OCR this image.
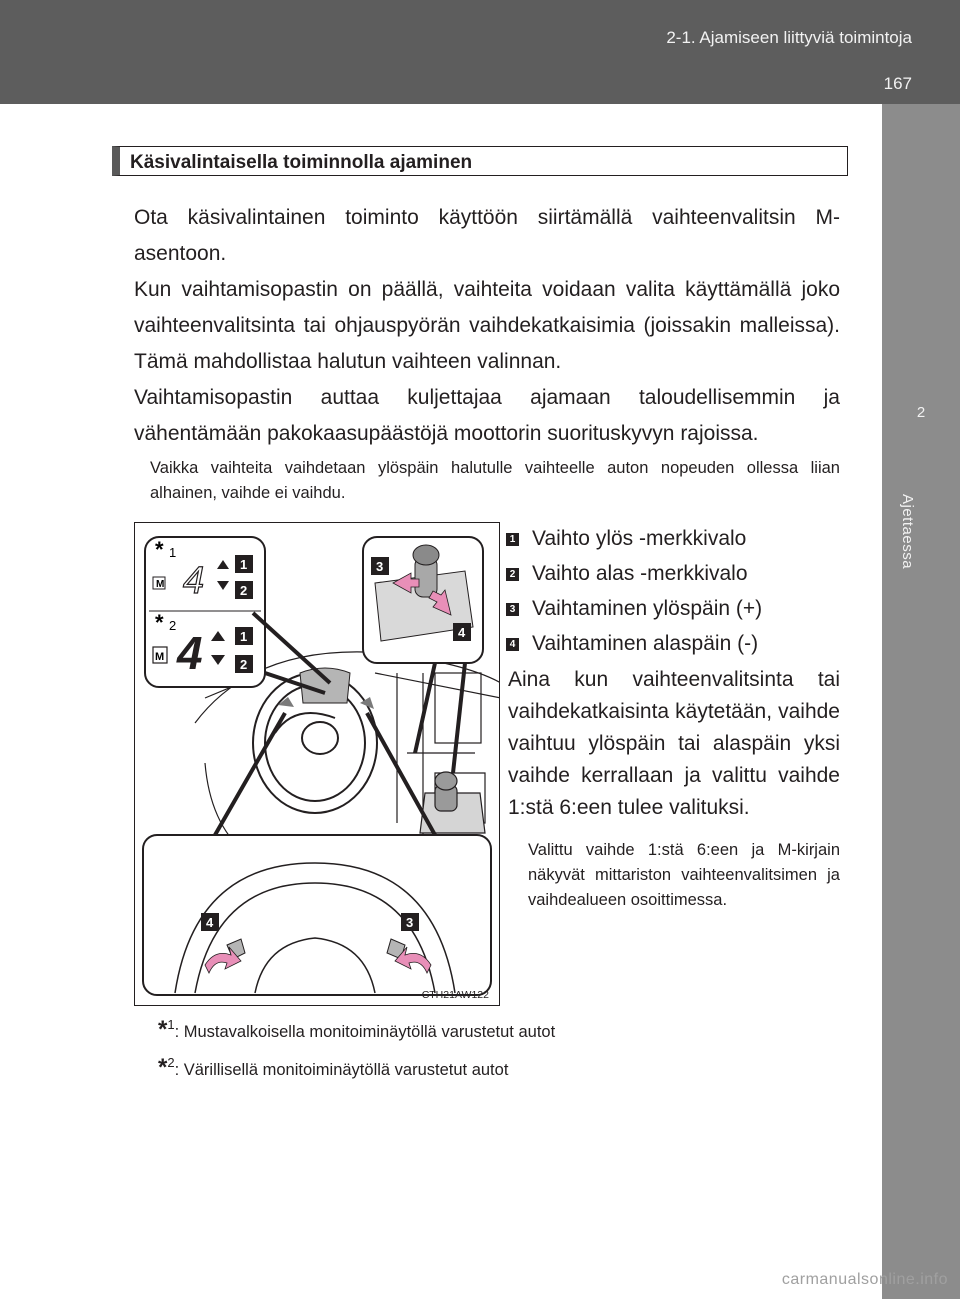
2-1. Ajamiseen liittyviä toimintoja
167
2
Ajettaessa
Käsivalintaisella toiminnolla ajaminen

Ota käsivalintainen toiminto käyttöön siirtämällä vaihteenvalitsin M-asentoon.

Kun vaihtamisopastin on päällä, vaihteita voidaan valita käyttämällä joko vaihteenvalitsinta tai ohjauspyörän vaihdekatkaisimia (joissakin malleissa). Tämä mahdollistaa halutun vaihteen valinnan.

Vaihtamisopastin auttaa kuljettajaa ajamaan taloudellisemmin ja vähentämään pakokaasupäästöjä moottorin suorituskyvyn rajoissa.

Vaikka vaihteita vaihdetaan ylöspäin halutulle vaihteelle auton nopeuden ollessa liian alhainen, vaihde ei vaihdu.

* 1
* 2
M 4	1
2
M 4	1
2
3
4
4	3
CTH21AW122
1 Vaihto ylös -merkkivalo
2 Vaihto alas -merkkivalo
3 Vaihtaminen ylöspäin (+)
4 Vaihtaminen alaspäin (-)

Aina kun vaihteenvalitsinta tai vaihdekatkaisinta käytetään, vaihde vaihtuu ylöspäin tai alaspäin yksi vaihde kerrallaan ja valittu vaihde 1:stä 6:een tulee valituksi.

Valittu vaihde 1:stä 6:een ja M-kirjain näkyvät mittariston vaihteenvalitsimen ja vaihdealueen osoittimessa.

* 1 : Mustavalkoisella monitoiminäytöllä varustetut autot
* 2 : Värillisellä monitoiminäytöllä varustetut autot
carmanualsonline.info
